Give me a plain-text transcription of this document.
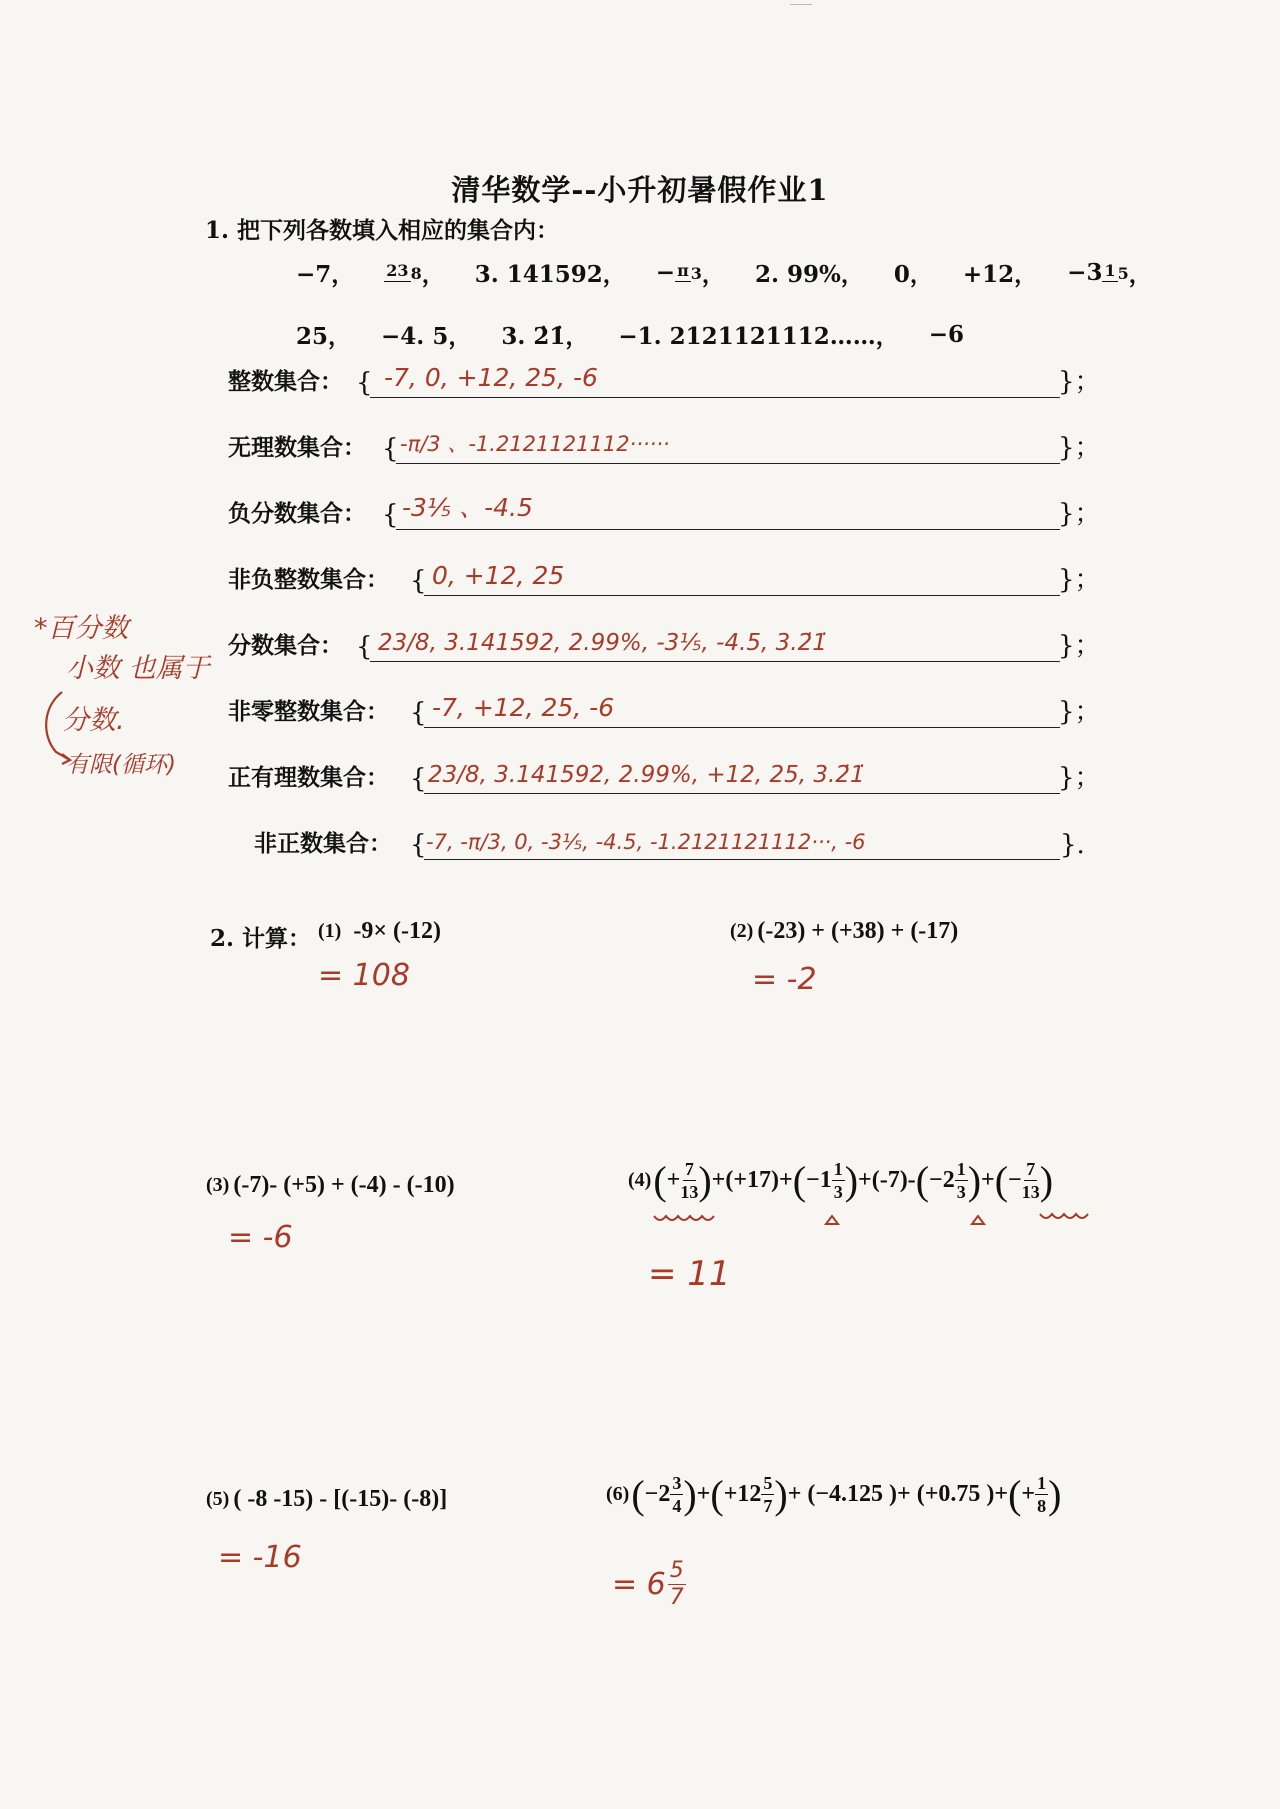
清华数学--小升初暑假作业1
1. 把下列各数填入相应的集合内：
−7， 23 8， 3. 141592， − π 3， 2. 99%， 0， +12， −3 1 5，
25， −4. 5， 3. 2̇1̇， −1. 2121121112……， −6
整数集合： { -7, 0, +12, 25, -6	}；
无理数集合： { -π/3 、-1.2121121112······	}；
负分数集合： { -3⅕ 、-4.5	}；
非负整数集合： { 0, +12, 25	}；
分数集合： { 23/8, 3.141592, 2.99%, -3⅕, -4.5, 3.2̇1̇	}；
非零整数集合： { -7, +12, 25, -6	}；
正有理数集合： { 23/8, 3.141592, 2.99%, +12, 25, 3.2̇1̇	}；
非正数集合： { -7, -π/3, 0, -3⅕, -4.5, -1.2121121112···, -6	}.
*百分数
小数 也属于
分数.
有限(循环)
2. 计算： (1) -9× (-12)
= 108
(2) (-23) + (+38) + (-17)
= -2
(3) (-7)- (+5) + (-4) - (-10)
= -6
(4) ( + $\frac{7}{13}$ ) +(+17)+ ( $-1 \frac{1}{3}$ ) +(-7)- ( $-2 \frac{1}{3}$ ) + ( − $\frac{7}{13}$ )
= 11
(5) ( -8 -15) - [(-15)- (-8)]
= -16
(6) ( $-2 \frac{3}{4}$ ) + ( $+12 \frac{5}{7}$ ) + (−4.125 )+ (+0.75 )+ ( + $\frac{1}{8}$ )
= $6 \frac{5}{7}$
